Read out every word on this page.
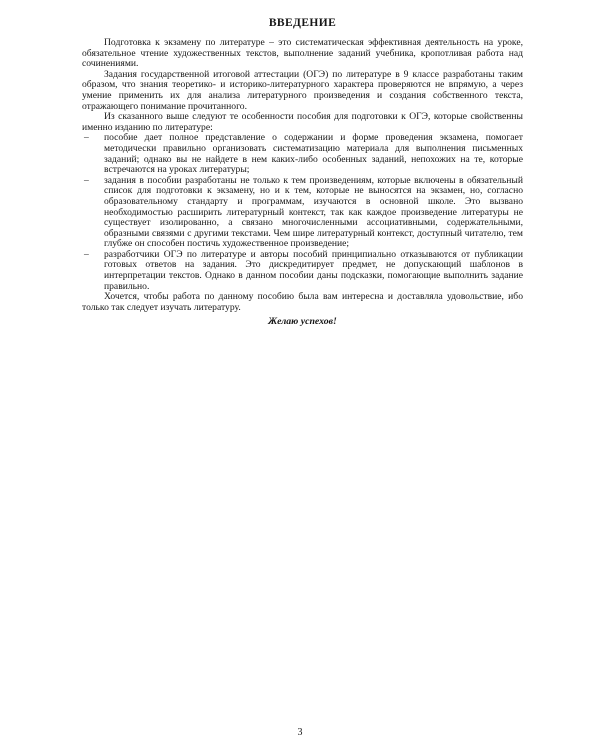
ВВЕДЕНИЕ

Подготовка к экзамену по литературе – это систематическая эффективная деятельность на уроке, обязательное чтение художественных текстов, выполнение заданий учебника, кропотливая работа над сочинениями.

Задания государственной итоговой аттестации (ОГЭ) по литературе в 9 классе разработаны таким образом, что знания теоретико- и историко-литературного характера проверяются не впрямую, а через умение применить их для анализа литературного произведения и создания собственного текста, отражающего понимание прочитанного.

Из сказанного выше следуют те особенности пособия для подготовки к ОГЭ, которые свойственны именно изданию по литературе:

– пособие дает полное представление о содержании и форме проведения экзамена, помогает методически правильно организовать систематизацию материала для выполнения письменных заданий; однако вы не найдете в нем каких-либо особенных заданий, непохожих на те, которые встречаются на уроках литературы;
– задания в пособии разработаны не только к тем произведениям, которые включены в обязательный список для подготовки к экзамену, но и к тем, которые не выносятся на экзамен, но, согласно образовательному стандарту и программам, изучаются в основной школе. Это вызвано необходимостью расширить литературный контекст, так как каждое произведение литературы не существует изолированно, а связано многочисленными ассоциативными, содержательными, образными связями с другими текстами. Чем шире литературный контекст, доступный читателю, тем глубже он способен постичь художественное произведение;
– разработчики ОГЭ по литературе и авторы пособий принципиально отказываются от публикации готовых ответов на задания. Это дискредитирует предмет, не допускающий шаблонов в интерпретации текстов. Однако в данном пособии даны подсказки, помогающие выполнить задание правильно.

Хочется, чтобы работа по данному пособию была вам интересна и доставляла удовольствие, ибо только так следует изучать литературу.

Желаю успехов!

3
